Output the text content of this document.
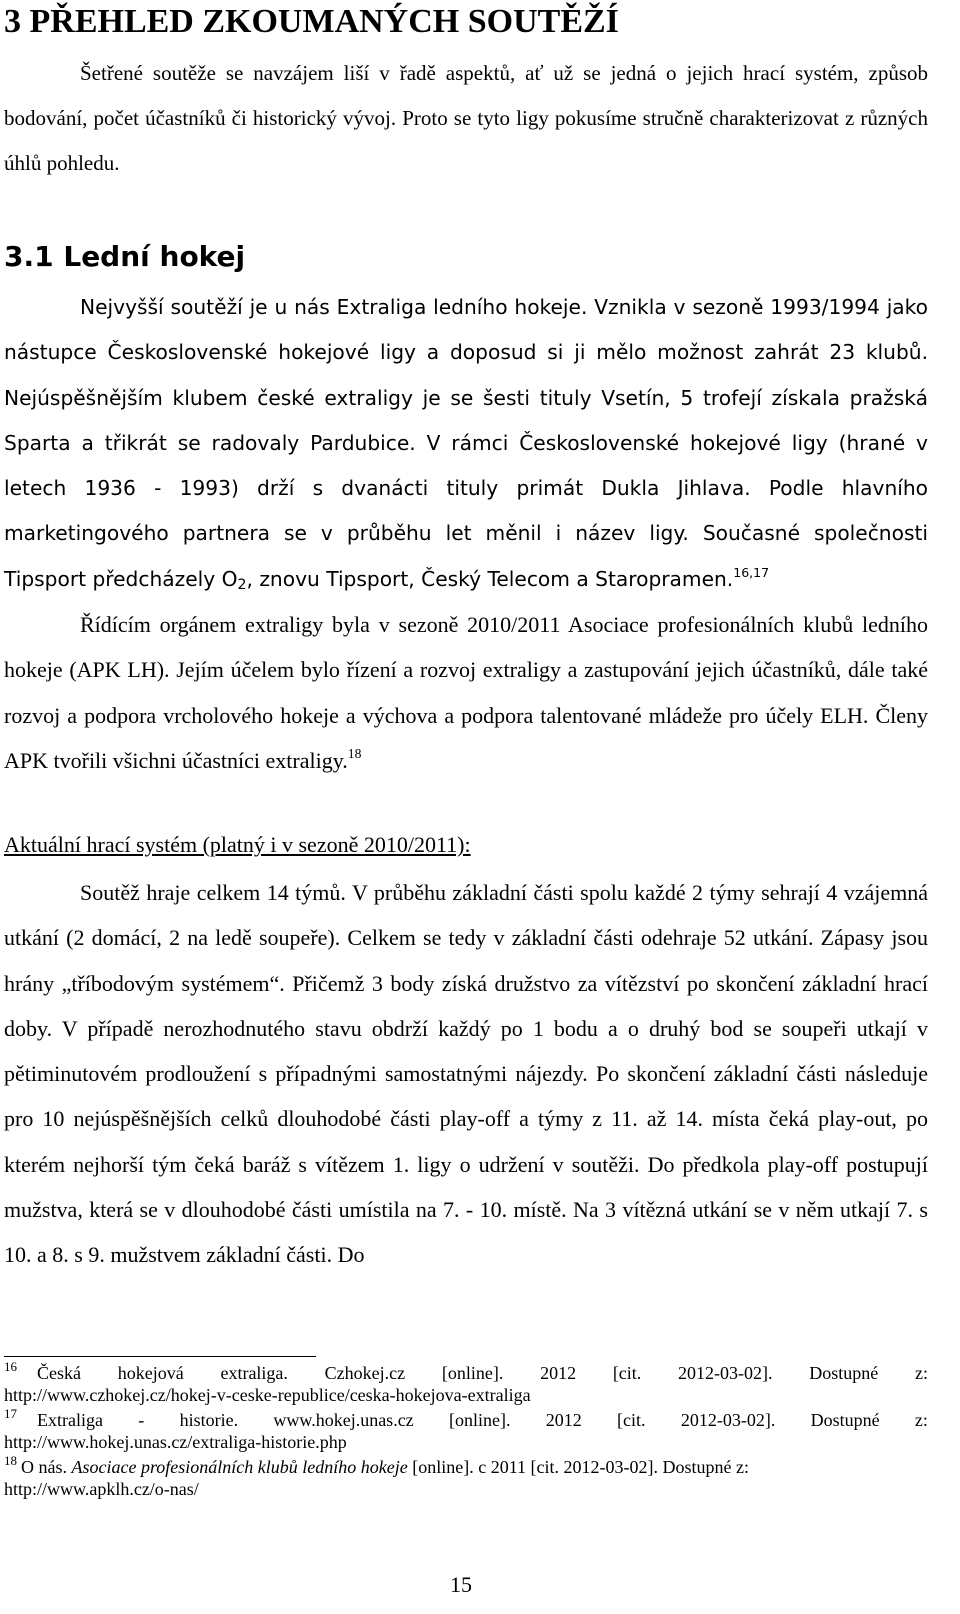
3 PŘEHLED ZKOUMANÝCH SOUTĚŽÍ

Šetřené soutěže se navzájem liší v řadě aspektů, ať už se jedná o jejich hrací systém, způsob bodování, počet účastníků či historický vývoj. Proto se tyto ligy pokusíme stručně charakterizovat z různých úhlů pohledu.

3.1 Lední hokej

Nejvyšší soutěží je u nás Extraliga ledního hokeje. Vznikla v sezoně 1993/1994 jako nástupce Československé hokejové ligy a doposud si ji mělo možnost zahrát 23 klubů. Nejúspěšnějším klubem české extraligy je se šesti tituly Vsetín, 5 trofejí získala pražská Sparta a třikrát se radovaly Pardubice. V rámci Československé hokejové ligy (hrané v letech 1936 - 1993) drží s dvanácti tituly primát Dukla Jihlava. Podle hlavního marketingového partnera se v průběhu let měnil i název ligy. Současné společnosti Tipsport předcházely $O_2$, znovu Tipsport, Český Telecom a Staropramen.$^{16,17}$

Řídícím orgánem extraligy byla v sezoně 2010/2011 Asociace profesionálních klubů ledního hokeje (APK LH). Jejím účelem bylo řízení a rozvoj extraligy a zastupování jejich účastníků, dále také rozvoj a podpora vrcholového hokeje a výchova a podpora talentované mládeže pro účely ELH. Členy APK tvořili všichni účastníci extraligy.$^{18}$

Aktuální hrací systém (platný i v sezoně 2010/2011):

Soutěž hraje celkem 14 týmů. V průběhu základní části spolu každé 2 týmy sehrají 4 vzájemná utkání (2 domácí, 2 na ledě soupeře). Celkem se tedy v základní části odehraje 52 utkání. Zápasy jsou hrány „tříbodovým systémem“. Přičemž 3 body získá družstvo za vítězství po skončení základní hrací doby. V případě nerozhodnutého stavu obdrží každý po 1 bodu a o druhý bod se soupeři utkají v pětiminutovém prodloužení s případnými samostatnými nájezdy. Po skončení základní části následuje pro 10 nejúspěšnějších celků dlouhodobé části play-off a týmy z 11. až 14. místa čeká play-out, po kterém nejhorší tým čeká baráž s vítězem 1. ligy o udržení v soutěži. Do předkola play-off postupují mužstva, která se v dlouhodobé části umístila na 7. - 10. místě. Na 3 vítězná utkání se v něm utkají 7. s 10. a 8. s 9. mužstvem základní části. Do

$^{16}$ Česká hokejová extraliga. Czhokej.cz [online]. 2012 [cit. 2012-03-02]. Dostupné z:
http://www.czhokej.cz/hokej-v-ceske-republice/ceska-hokejova-extraliga
$^{17}$ Extraliga - historie. www.hokej.unas.cz [online]. 2012 [cit. 2012-03-02]. Dostupné z:
http://www.hokej.unas.cz/extraliga-historie.php
$^{18}$ O nás. Asociace profesionálních klubů ledního hokeje [online]. c 2011 [cit. 2012-03-02]. Dostupné z:
http://www.apklh.cz/o-nas/
15
